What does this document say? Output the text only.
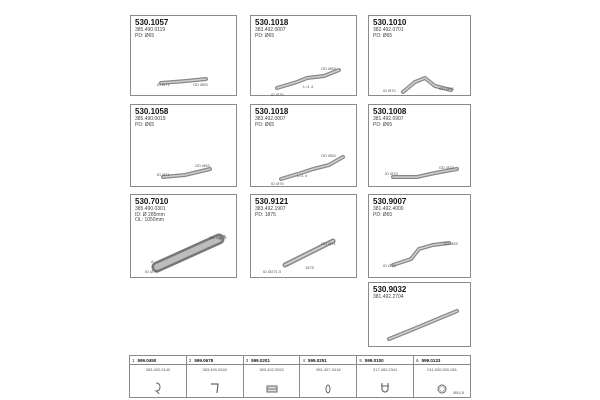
530.1057
385.490.0119
PD: Ø65
ID Ø71	OD Ø65
530.1018
383.492.0007
PD: Ø65
OD Ø65
L=1 4
ID Ø70
530.1010
382.492.0701
PD: Ø65
ID Ø70	OD Ø65
530.1058
385.490.0019
PD: Ø65
ID Ø71
OD Ø65
530.1018
383.492.0007
PD: Ø65
OD Ø65
L=1 4
ID Ø70
530.1008
381.492.0907
PD: Ø65
ID Ø70
OD Ø70
530.7010
385.490.0301
ID: Ø 285mm
OL: 1050mm
OD Ø71 1
ID Ø70
A
530.9121
383.492.1907
PD: 1875
OD Ø71
ID Ø271.0
1875
530.9007
381.492.4000
PD: Ø65
OD Ø65
ID Ø70
530.9032
381.492.2704
1 599.0450
383.492.0140
2 599.0678
383.490.0340
3 599.0201
383.492.0052
4 599.0251
381.497.3418
5 599.0100
317.492.2341
6 599.0133
011.530.000.081
Ø53.5
